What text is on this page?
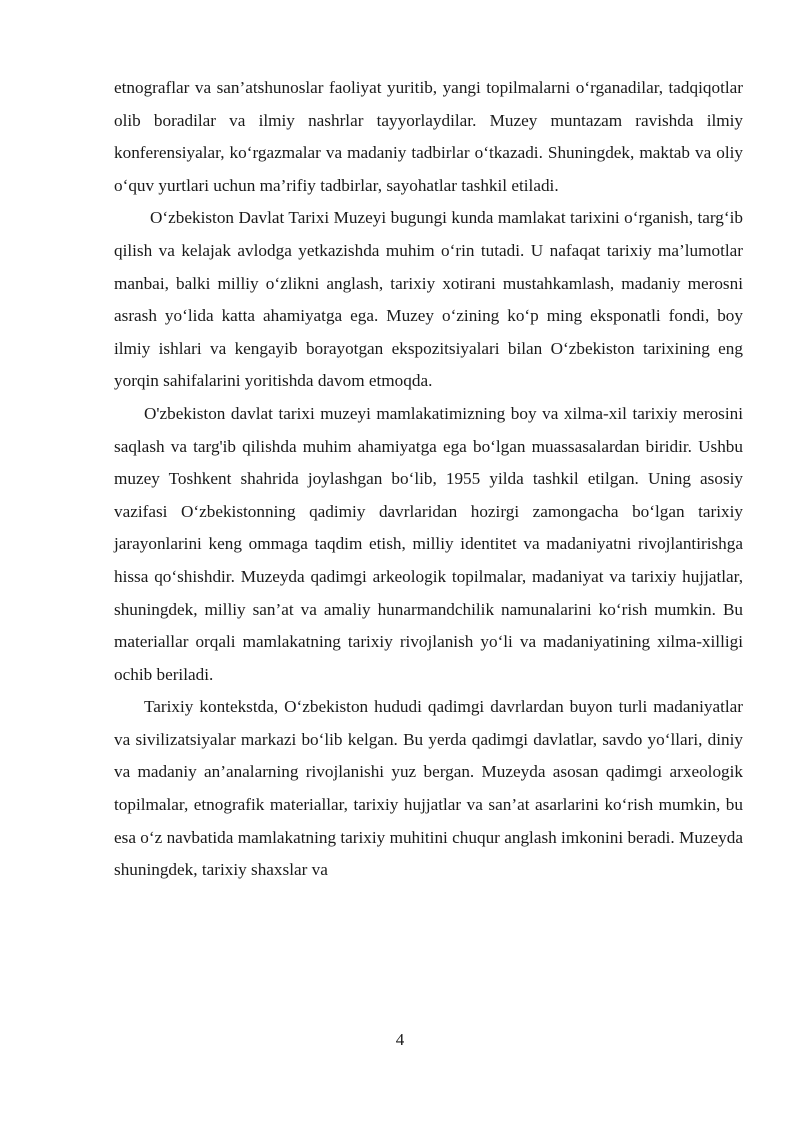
etnograflar va san’atshunoslar faoliyat yuritib, yangi topilmalarni o‘rganadilar, tadqiqotlar olib boradilar va ilmiy nashrlar tayyorlaydilar. Muzey muntazam ravishda ilmiy konferensiyalar, ko‘rgazmalar va madaniy tadbirlar o‘tkazadi. Shuningdek, maktab va oliy o‘quv yurtlari uchun ma’rifiy tadbirlar, sayohatlar tashkil etiladi.

O‘zbekiston Davlat Tarixi Muzeyi bugungi kunda mamlakat tarixini o‘rganish, targ‘ib qilish va kelajak avlodga yetkazishda muhim o‘rin tutadi. U nafaqat tarixiy ma’lumotlar manbai, balki milliy o‘zlikni anglash, tarixiy xotirani mustahkamlash, madaniy merosni asrash yo‘lida katta ahamiyatga ega. Muzey o‘zining ko‘p ming eksponatli fondi, boy ilmiy ishlari va kengayib borayotgan ekspozitsiyalari bilan O‘zbekiston tarixining eng yorqin sahifalarini yoritishda davom etmoqda.

O'zbekiston davlat tarixi muzeyi mamlakatimizning boy va xilma-xil tarixiy merosini saqlash va targ'ib qilishda muhim ahamiyatga ega bo‘lgan muassasalardan biridir. Ushbu muzey Toshkent shahrida joylashgan bo‘lib, 1955 yilda tashkil etilgan. Uning asosiy vazifasi O‘zbekistonning qadimiy davrlaridan hozirgi zamongacha bo‘lgan tarixiy jarayonlarini keng ommaga taqdim etish, milliy identitet va madaniyatni rivojlantirishga hissa qo‘shishdir. Muzeyda qadimgi arkeologik topilmalar, madaniyat va tarixiy hujjatlar, shuningdek, milliy san’at va amaliy hunarmandchilik namunalarini ko‘rish mumkin. Bu materiallar orqali mamlakatning tarixiy rivojlanish yo‘li va madaniyatining xilma-xilligi ochib beriladi.

Tarixiy kontekstda, O‘zbekiston hududi qadimgi davrlardan buyon turli madaniyatlar va sivilizatsiyalar markazi bo‘lib kelgan. Bu yerda qadimgi davlatlar, savdo yo‘llari, diniy va madaniy an’analarning rivojlanishi yuz bergan. Muzeyda asosan qadimgi arxeologik topilmalar, etnografik materiallar, tarixiy hujjatlar va san’at asarlarini ko‘rish mumkin, bu esa o‘z navbatida mamlakatning tarixiy muhitini chuqur anglash imkonini beradi. Muzeyda shuningdek, tarixiy shaxslar va

4
